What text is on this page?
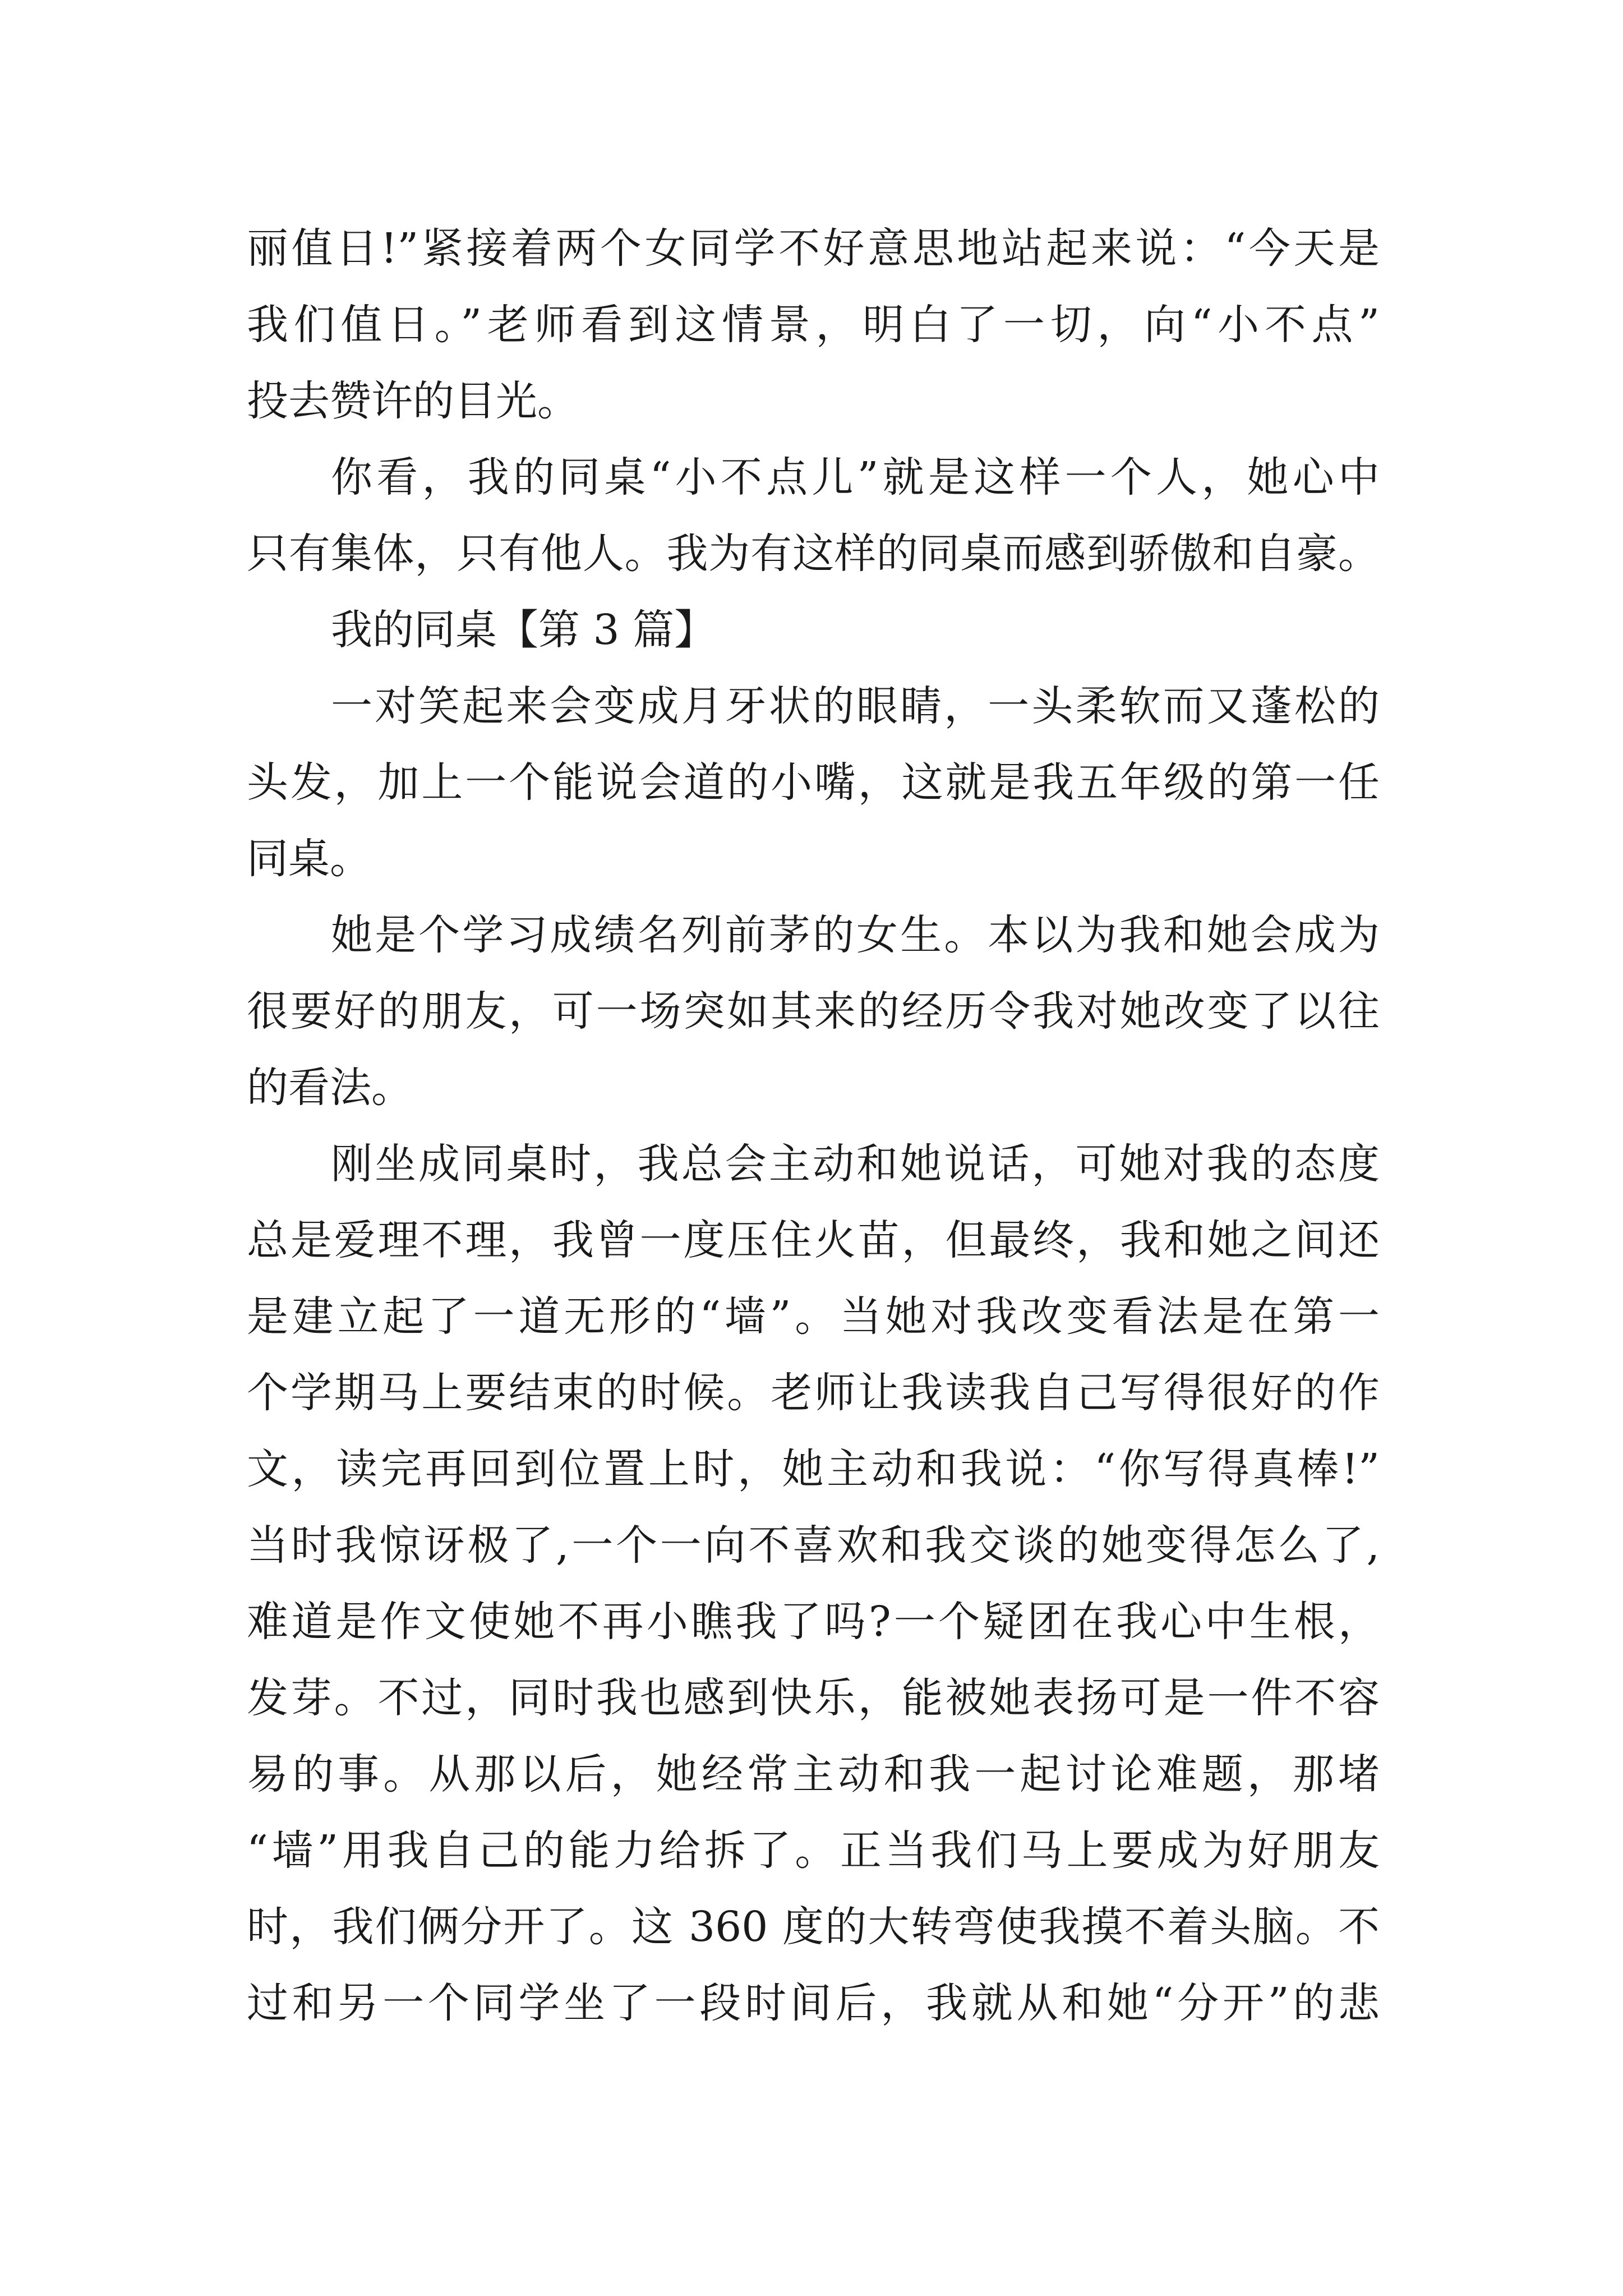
丽值日!”紧接着两个女同学不好意思地站起来说：“今天是
我们值日。”老师看到这情景，明白了一切，向“小不点”
投去赞许的目光。
你看，我的同桌“小不点儿”就是这样一个人，她心中
只有集体，只有他人。我为有这样的同桌而感到骄傲和自豪。
我的同桌【第 3 篇】
一对笑起来会变成月牙状的眼睛，一头柔软而又蓬松的
头发，加上一个能说会道的小嘴，这就是我五年级的第一任
同桌。
她是个学习成绩名列前茅的女生。本以为我和她会成为
很要好的朋友，可一场突如其来的经历令我对她改变了以往
的看法。
刚坐成同桌时，我总会主动和她说话，可她对我的态度
总是爱理不理，我曾一度压住火苗，但最终，我和她之间还
是建立起了一道无形的“墙”。当她对我改变看法是在第一
个学期马上要结束的时候。老师让我读我自己写得很好的作
文，读完再回到位置上时，她主动和我说：“你写得真棒!”
当时我惊讶极了,一个一向不喜欢和我交谈的她变得怎么了,
难道是作文使她不再小瞧我了吗?一个疑团在我心中生根，
发芽。不过，同时我也感到快乐，能被她表扬可是一件不容
易的事。从那以后，她经常主动和我一起讨论难题，那堵
“墙”用我自己的能力给拆了。正当我们马上要成为好朋友
时，我们俩分开了。这 360 度的大转弯使我摸不着头脑。不
过和另一个同学坐了一段时间后，我就从和她“分开”的悲
